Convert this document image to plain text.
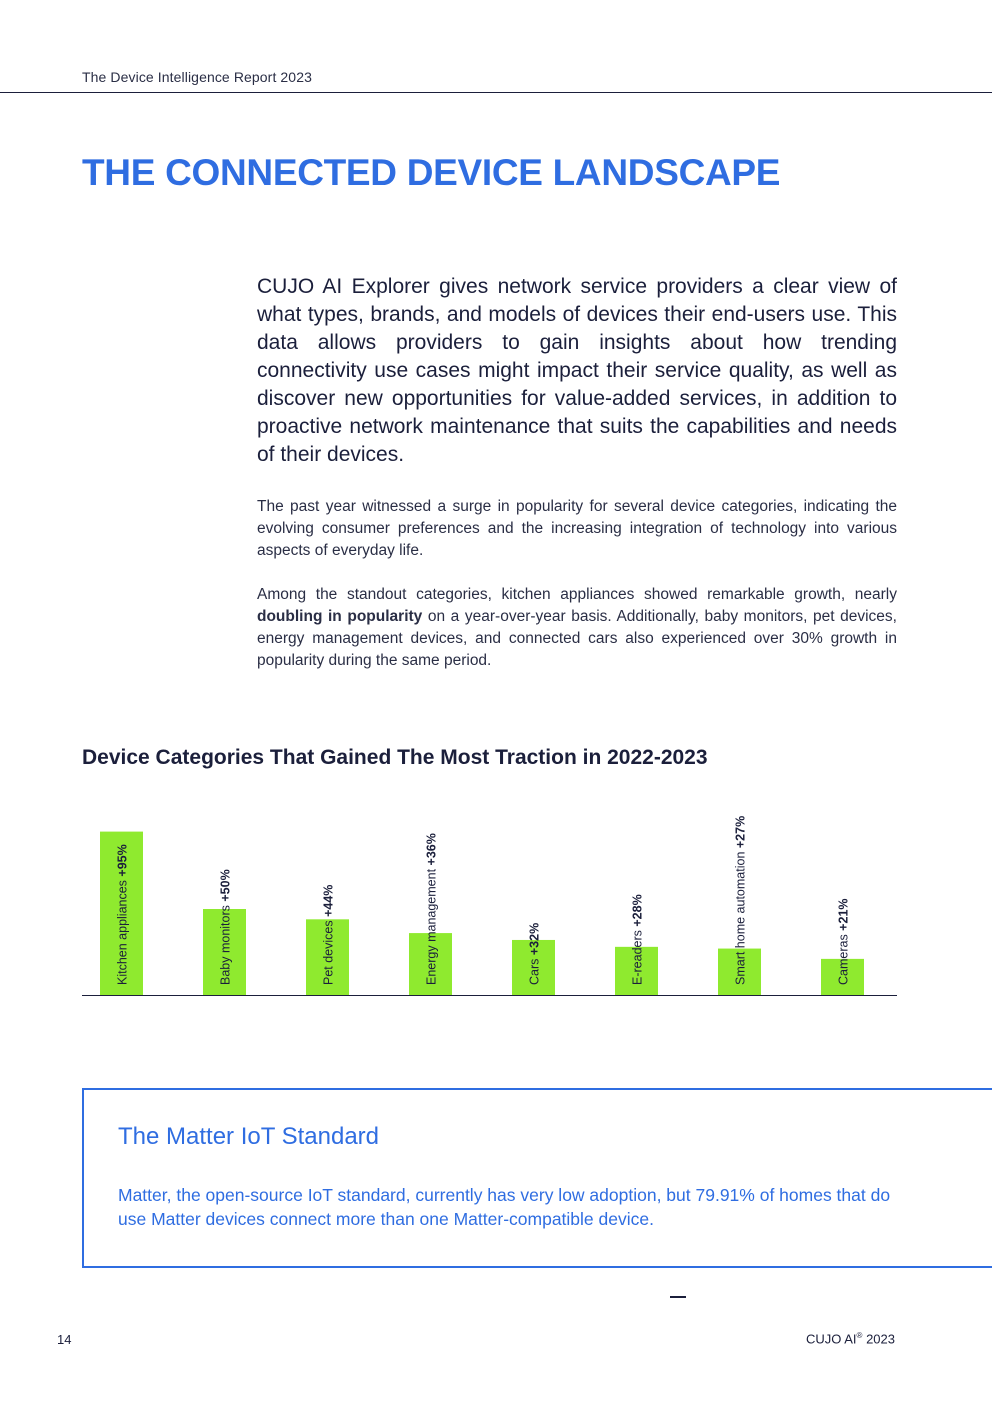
The Device Intelligence Report 2023
THE CONNECTED DEVICE LANDSCAPE

CUJO AI Explorer gives network service providers a clear view of what types, brands, and models of devices their end-users use. This data allows providers to gain insights about how trending connectivity use cases might impact their service quality, as well as discover new opportunities for value-added services, in addition to proactive network maintenance that suits the capabilities and needs of their devices.

The past year witnessed a surge in popularity for several device categories, indicating the evolving consumer preferences and the increasing integration of technology into various aspects of everyday life.

Among the standout categories, kitchen appliances showed remarkable growth, nearly doubling in popularity on a year-over-year basis. Additionally, baby monitors, pet devices, energy management devices, and connected cars also experienced over 30% growth in popularity during the same period.

Device Categories That Gained The Most Traction in 2022-2023
Kitchen appliances +95%
Baby monitors +50%
Pet devices +44%	Energy management +36%
Cars +32%	E-readers +28%	Smart home automation +27%
Cameras +21%
The Matter IoT Standard

Matter, the open-source IoT standard, currently has very low adoption, but 79.91% of homes that do use Matter devices connect more than one Matter-compatible device.

14	CUJO AI® 2023
